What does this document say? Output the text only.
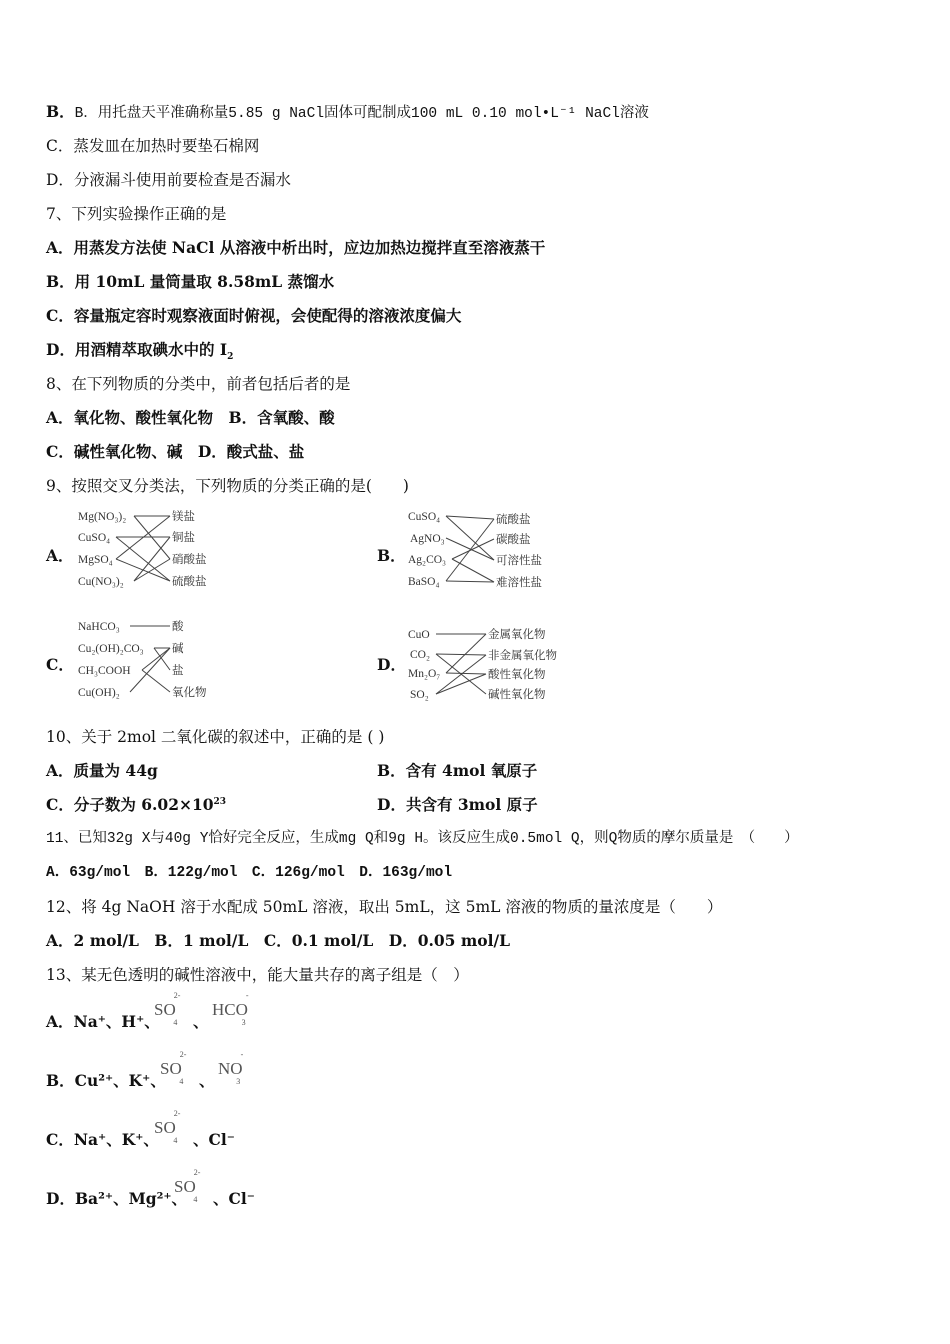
B．B．用托盘天平准确称量5.85 g NaCl固体可配制成100 mL 0.10 mol•L⁻¹ NaCl溶液
C．蒸发皿在加热时要垫石棉网
D．分液漏斗使用前要检查是否漏水
7、下列实验操作正确的是
A．用蒸发方法使 NaCl 从溶液中析出时，应边加热边搅拌直至溶液蒸干
B．用 10mL 量筒量取 8.58mL 蒸馏水
C．容量瓶定容时观察液面时俯视，会使配得的溶液浓度偏大
D．用酒精萃取碘水中的 $I_2$
8、在下列物质的分类中，前者包括后者的是
A．氧化物、酸性氧化物　B．含氧酸、酸
C．碱性氧化物、碱　D．酸式盐、盐
9、按照交叉分类法，下列物质的分类正确的是(　　)
A．
Mg(NO₃)₂
CuSO₄
MgSO₄
Cu(NO₃)₂
镁盐
铜盐
硝酸盐
硫酸盐
B．
CuSO₄
AgNO₃
Ag₂CO₃
BaSO₄
硫酸盐
碳酸盐
可溶性盐
难溶性盐
C．
NaHCO₃
Cu₂(OH)₂CO₃
CH₃COOH
Cu(OH)₂
酸
碱
盐
氧化物
D．
CuO
CO₂
Mn₂O₇
SO₂
金属氧化物
非金属氧化物
酸性氧化物
碱性氧化物
10、关于 2mol 二氧化碳的叙述中，正确的是 ( )
A．质量为 44g	B．含有 4mol 氧原子
C．分子数为 $6.02\times 10^{23}$	D．共含有 3mol 原子
11、已知32g X与40g Y恰好完全反应，生成mg Q和9g H。该反应生成0.5mol Q，则Q物质的摩尔质量是　（　　）
A．63g/mol　B．122g/mol　C．126g/mol　D．163g/mol
12、将 4g NaOH 溶于水配成 50mL 溶液，取出 5mL，这 5mL 溶液的物质的量浓度是（　　）
A．2 mol/L　B．1 mol/L　C．0.1 mol/L　D．0.05 mol/L
13、某无色透明的碱性溶液中，能大量共存的离子组是（　）
A．Na⁺、H⁺、
$SO^{2-}_4$	、
$HCO^-_3$
B．Cu²⁺、K⁺、
$SO^{2-}_4$	、
$NO^-_3$
C．Na⁺、K⁺、
$SO^{2-}_4$	、Cl⁻
D．Ba²⁺、Mg²⁺、
$SO^{2-}_4$	、Cl⁻
